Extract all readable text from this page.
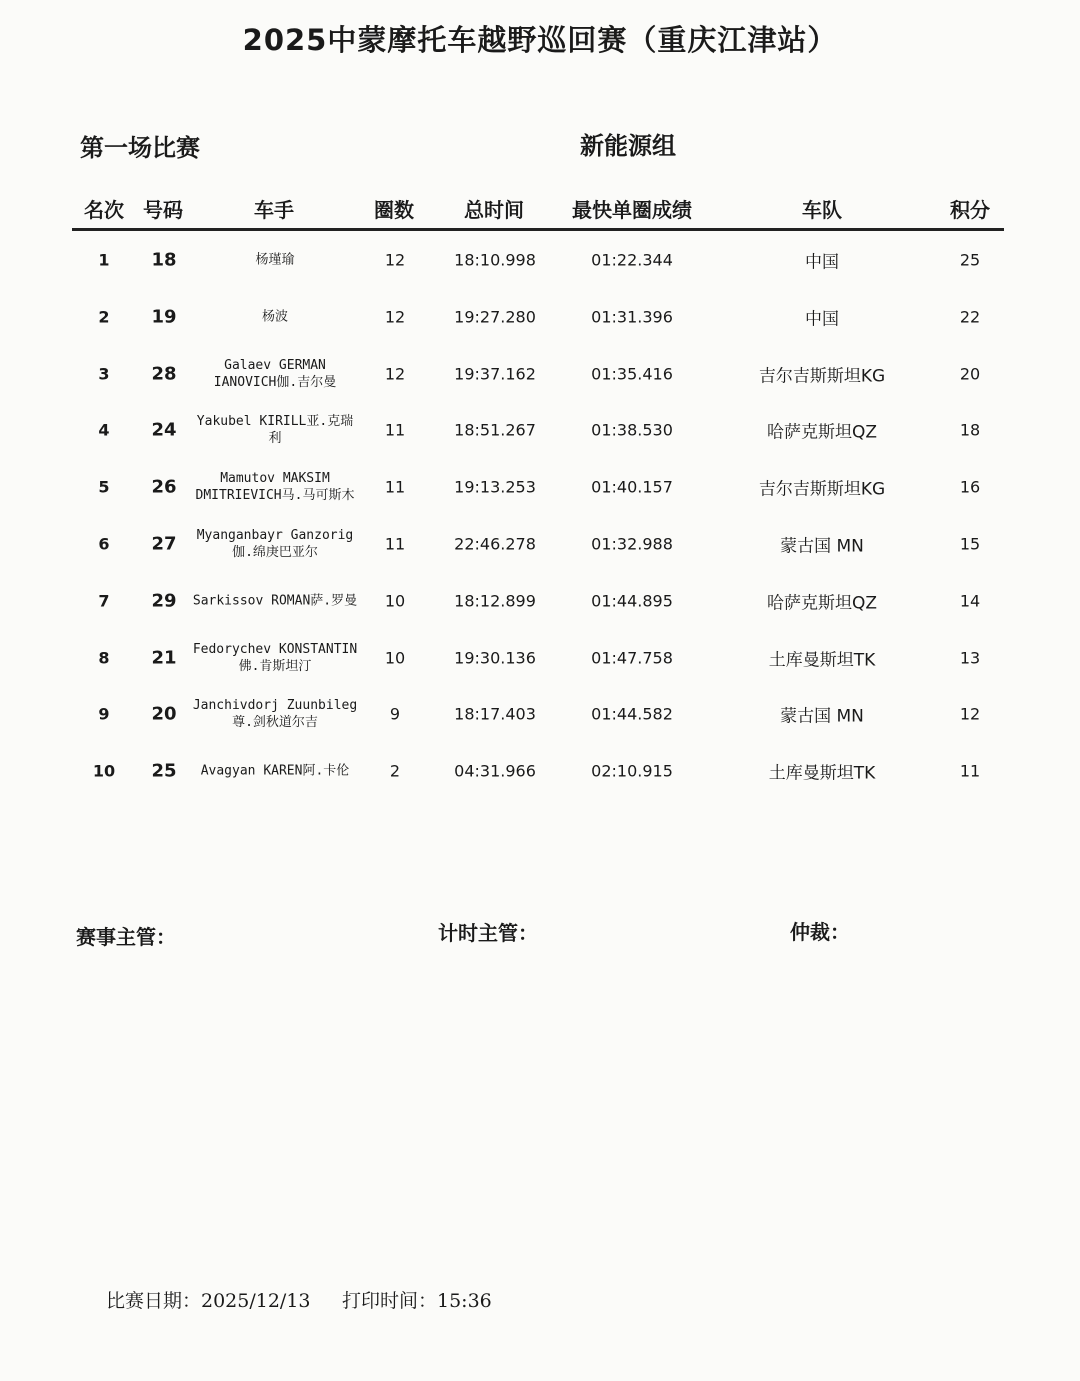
2025中蒙摩托车越野巡回赛（重庆江津站）
第一场比赛	新能源组
名次 号码	车手	圈数	总时间 最快单圈成绩	车队	积分
1 18	杨瑾瑜	12	18:10.998	01:22.344	中国	25
2 19	杨波	12	19:27.280	01:31.396	中国	22
3 28	Galaev GERMAN IANOVICH伽.吉尔曼	12	19:37.162	01:35.416	吉尔吉斯斯坦KG	20
4 24	Yakubel KIRILL亚.克瑞利	11	18:51.267	01:38.530	哈萨克斯坦QZ	18
5 26	Mamutov MAKSIM DMITRIEVICH马.马可斯木 11	19:13.253	01:40.157	吉尔吉斯斯坦KG	16
6 27	Myanganbayr Ganzorig 伽.绵庚巴亚尔	11	22:46.278	01:32.988	蒙古国 MN	15
7 29 Sarkissov ROMAN萨.罗曼 10	18:12.899	01:44.895	哈萨克斯坦QZ	14
8 21 Fedorychev KONSTANTIN 佛.肯斯坦汀	10	19:30.136	01:47.758	土库曼斯坦TK	13
9 20 Janchivdorj Zuunbileg 尊.剑秋道尔吉	9	18:17.403	01:44.582	蒙古国 MN	12
10 25	Avagyan KAREN阿.卡伦	2	04:31.966	02:10.915	土库曼斯坦TK	11
赛事主管：	计时主管：	仲裁：
比赛日期：2025/12/13 打印时间：15:36
